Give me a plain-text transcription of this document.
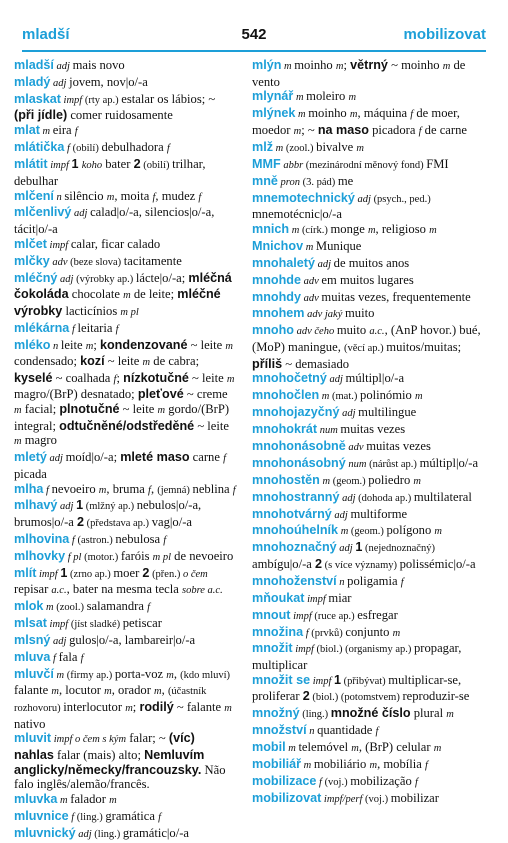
mladší	542	mobilizovat
mladší adj mais novo
mladý adj jovem, nov|o/-a
mlaskat impf (rty ap.) estalar os lábios; ~ (při jídle) comer ruidosamente
mlat m eira f
mlátička f (obilí) debulhadora f
mlátit impf 1 koho bater 2 (obilí) trilhar, debulhar
mlčení n silêncio m, moita f, mudez f
mlčenlivý adj calad|o/-a, silencios|o/-a, tácit|o/-a
mlčet impf calar, ficar calado
mlčky adv (beze slova) tacitamente
mléčný adj (výrobky ap.) lácte|o/-a; mléčná čokoláda chocolate m de leite; mléčné výrobky lacticínios m pl
mlékárna f leitaria f
mléko n leite m; kondenzované ~ leite m condensado; kozí ~ leite m de cabra; kyselé ~ coalhada f; nízkotučné ~ leite m magro/(BrP) desnatado; pleťové ~ creme m facial; plnotučné ~ leite m gordo/(BrP) integral; odtučněné/odstředěné ~ leite m magro
mletý adj moíd|o/-a; mleté maso carne f picada
mlha f nevoeiro m, bruma f, (jemná) neblina f
mlhavý adj 1 (mlžný ap.) nebulos|o/-a, brumos|o/-a 2 (představa ap.) vag|o/-a
mlhovina f (astron.) nebulosa f
mlhovky f pl (motor.) faróis m pl de nevoeiro
mlít impf 1 (zrno ap.) moer 2 (přen.) o čem repisar a.c., bater na mesma tecla sobre a.c.
mlok m (zool.) salamandra f
mlsat impf (jíst sladké) petiscar
mlsný adj gulos|o/-a, lambareir|o/-a
mluva f fala f
mluvčí m (firmy ap.) porta-voz m, (kdo mluví) falante m, locutor m, orador m, (účastník rozhovoru) interlocutor m; rodilý ~ falante m nativo
mluvit impf o čem s kým falar; ~ (víc) nahlas falar (mais) alto; Nemluvím anglicky/německy/francouzsky. Não falo inglês/alemão/francês.
mluvka m falador m
mluvnice f (ling.) gramática f
mluvnický adj (ling.) gramátic|o/-a
mlýn m moinho m; větrný ~ moinho m de vento
mlynář m moleiro m
mlýnek m moinho m, máquina f de moer, moedor m; ~ na maso picadora f de carne
mlž m (zool.) bivalve m
MMF abbr (mezinárodní měnový fond) FMI
mně pron (3. pád) me
mnemotechnický adj (psych., ped.) mnemotécnic|o/-a
mnich m (círk.) monge m, religioso m
Mnichov m Munique
mnohaletý adj de muitos anos
mnohde adv em muitos lugares
mnohdy adv muitas vezes, frequentemente
mnohem adv jaký muito
mnoho adv čeho muito a.c., (AnP hovor.) bué, (MoP) maningue, (věcí ap.) muitos/muitas; příliš ~ demasiado
mnohočetný adj múltipl|o/-a
mnohočlen m (mat.) polinómio m
mnohojazyčný adj multilingue
mnohokrát num muitas vezes
mnohonásobně adv muitas vezes
mnohonásobný num (nárůst ap.) múltipl|o/-a
mnohostěn m (geom.) poliedro m
mnohostranný adj (dohoda ap.) multilateral
mnohotvárný adj multiforme
mnohoúhelník m (geom.) polígono m
mnohoznačný adj 1 (nejednoznačný) ambígu|o/-a 2 (s více významy) polissémic|o/-a
mnohoženství n poligamia f
mňoukat impf miar
mnout impf (ruce ap.) esfregar
množina f (prvků) conjunto m
množit impf (biol.) (organismy ap.) propagar, multiplicar
množit se impf 1 (přibývat) multiplicar-se, proliferar 2 (biol.) (potomstvem) reproduzir-se
množný (ling.) množné číslo plural m
množství n quantidade f
mobil m telemóvel m, (BrP) celular m
mobiliář m mobiliário m, mobília f
mobilizace f (voj.) mobilização f
mobilizovat impf/perf (voj.) mobilizar
